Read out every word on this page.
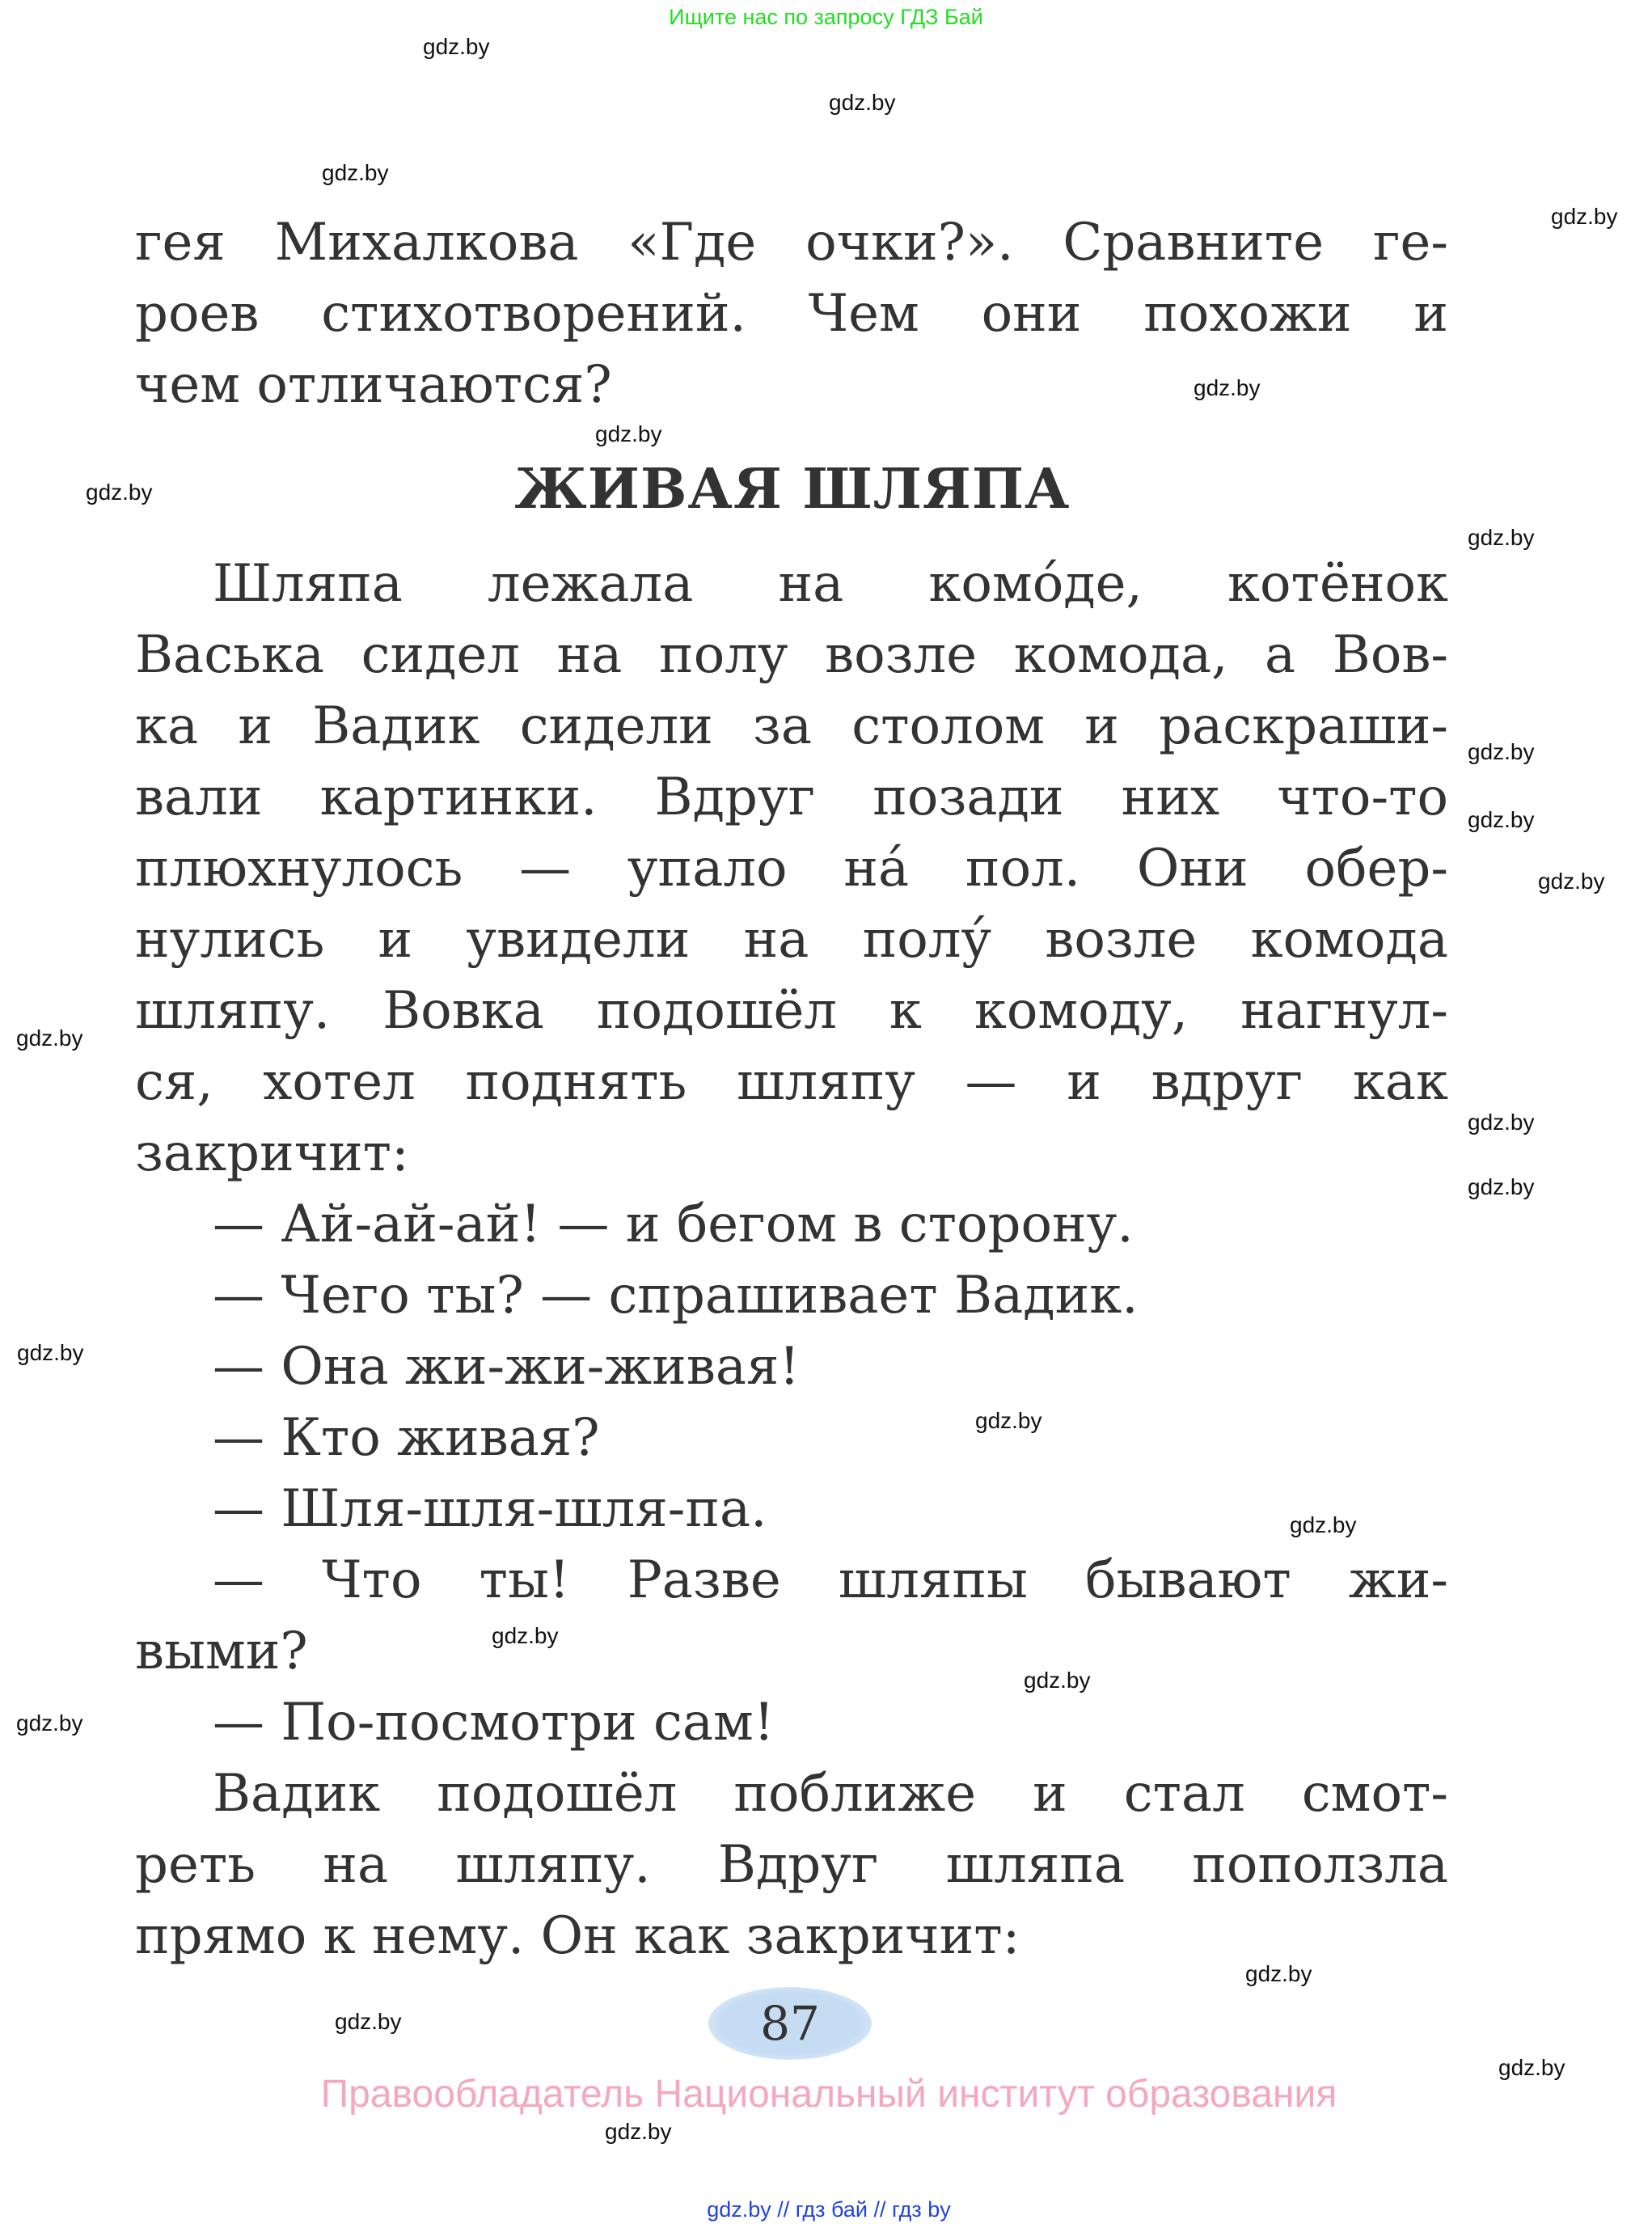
Ищите нас по запросу ГДЗ Бай
гея Михалкова «Где очки?». Сравните ге-
роев стихотворений. Чем они похожи и
чем отличаются?
ЖИВАЯ ШЛЯПА
Шляпа лежала на комо́де, котёнок
Васька сидел на полу возле комода, а Вов-
ка и Вадик сидели за столом и раскраши-
вали картинки. Вдруг позади них что-то
плюхнулось — упало на́ пол. Они обер-
нулись и увидели на полу́ возле комода
шляпу. Вовка подошёл к комоду, нагнул-
ся, хотел поднять шляпу — и вдруг как
закричит:
— Ай-ай-ай! — и бегом в сторону.
— Чего ты? — спрашивает Вадик.
— Она жи-жи-живая!
— Кто живая?
— Шля-шля-шля-па.
— Что ты! Разве шляпы бывают жи-
выми?
— По-посмотри сам!
Вадик подошёл поближе и стал смот-
реть на шляпу. Вдруг шляпа поползла
прямо к нему. Он как закричит:
87
Правообладатель Национальный институт образования
gdz.by // гдз бай // гдз by
gdz.by
gdz.by
gdz.by
gdz.by
gdz.by
gdz.by
gdz.by
gdz.by
gdz.by
gdz.by
gdz.by
gdz.by
gdz.by
gdz.by
gdz.by
gdz.by
gdz.by
gdz.by
gdz.by
gdz.by
gdz.by
gdz.by
gdz.by
gdz.by
